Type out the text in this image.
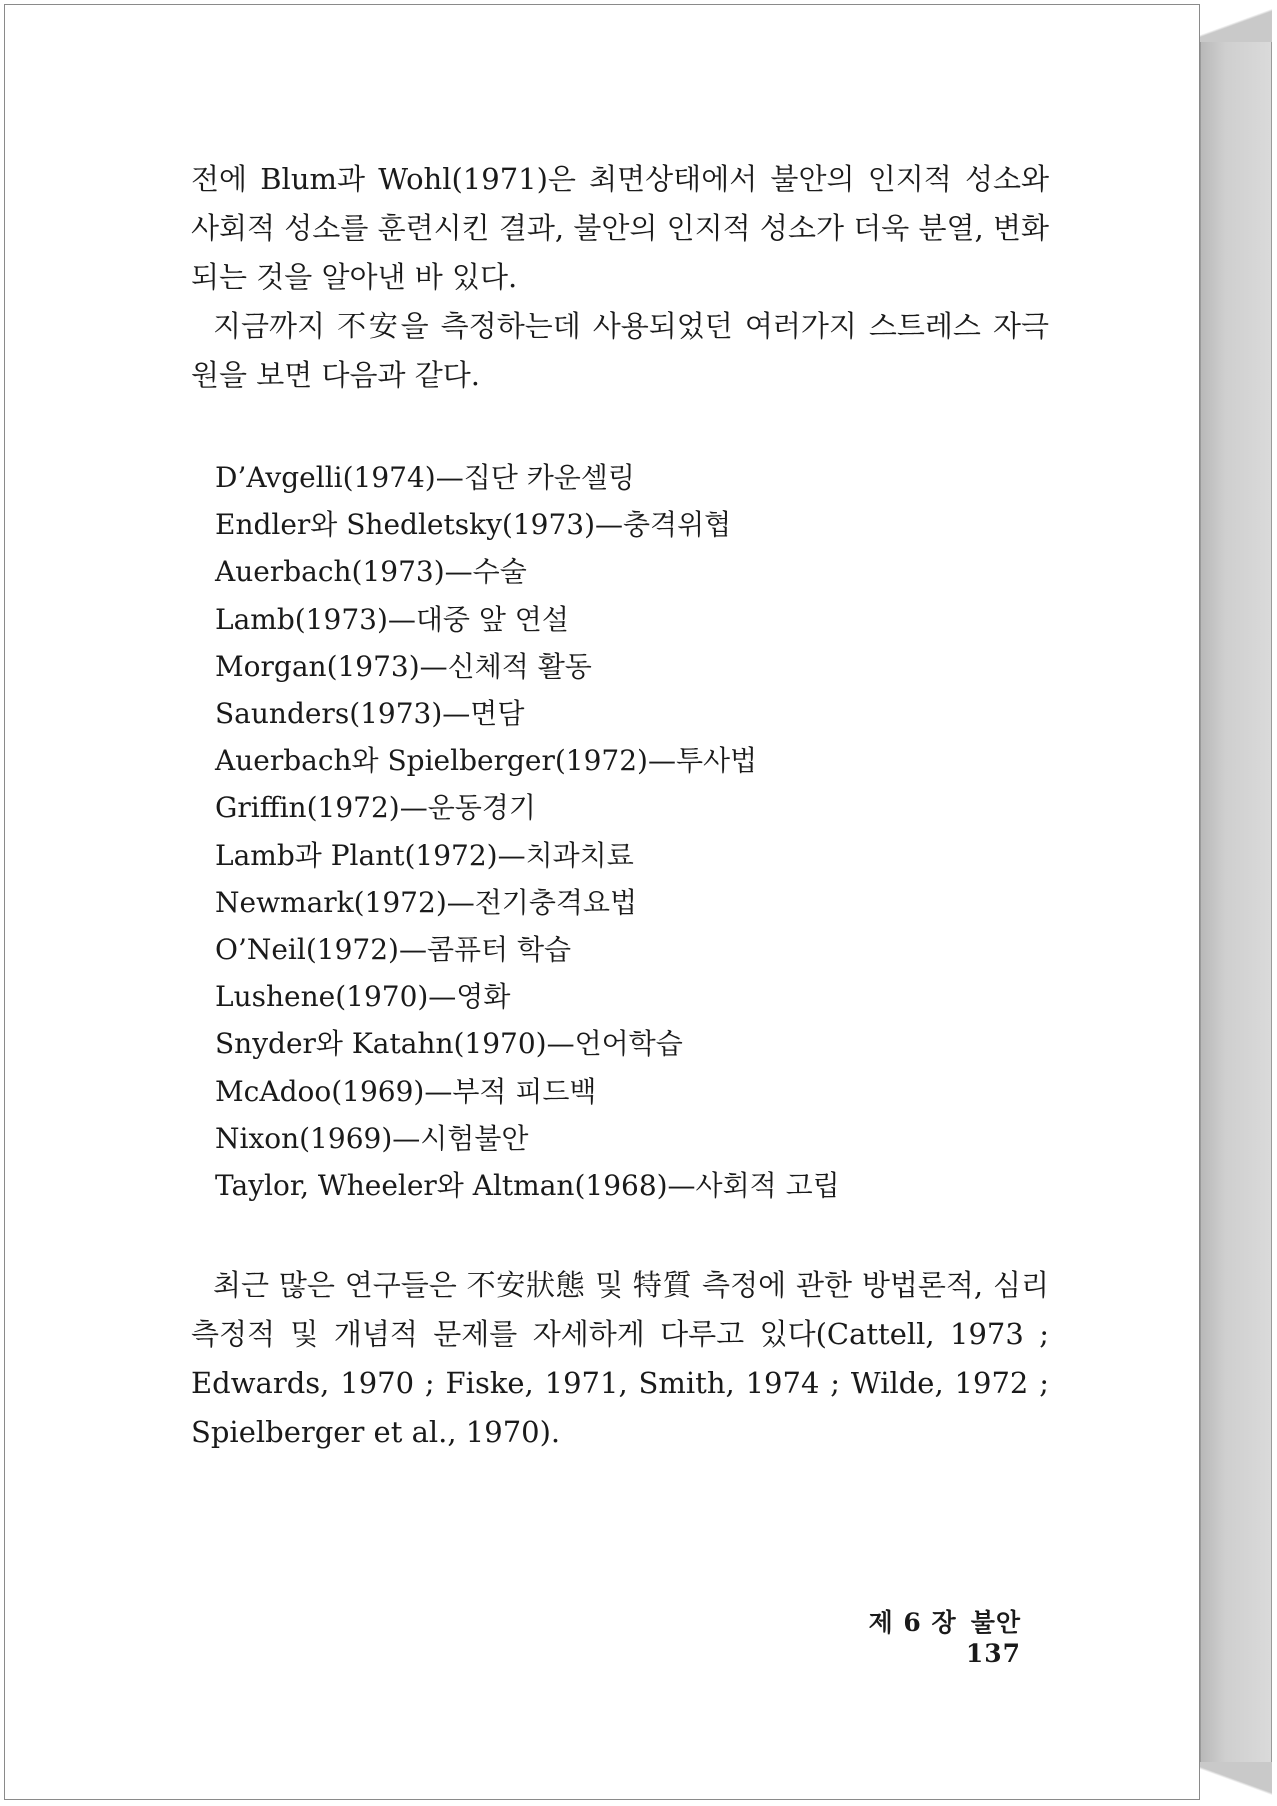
전에 Blum과 Wohl(1971)은 최면상태에서 불안의 인지적 성소와 사회적 성소를 훈련시킨 결과, 불안의 인지적 성소가 더욱 분열, 변화되는 것을 알아낸 바 있다.

지금까지 不安을 측정하는데 사용되었던 여러가지 스트레스 자극원을 보면 다음과 같다.

D’Avgelli(1974)—집단 카운셀링
Endler와 Shedletsky(1973)—충격위협
Auerbach(1973)—수술
Lamb(1973)—대중 앞 연설
Morgan(1973)—신체적 활동
Saunders(1973)—면담
Auerbach와 Spielberger(1972)—투사법
Griffin(1972)—운동경기
Lamb과 Plant(1972)—치과치료
Newmark(1972)—전기충격요법
O’Neil(1972)—콤퓨터 학습
Lushene(1970)—영화
Snyder와 Katahn(1970)—언어학습
McAdoo(1969)—부적 피드백
Nixon(1969)—시험불안
Taylor, Wheeler와 Altman(1968)—사회적 고립

최근 많은 연구들은 不安狀態 및 特質 측정에 관한 방법론적, 심리측정적 및 개념적 문제를 자세하게 다루고 있다(Cattell, 1973 ; Edwards, 1970 ; Fiske, 1971, Smith, 1974 ; Wilde, 1972 ; Spielberger et al., 1970).

제 6 장 불안137
